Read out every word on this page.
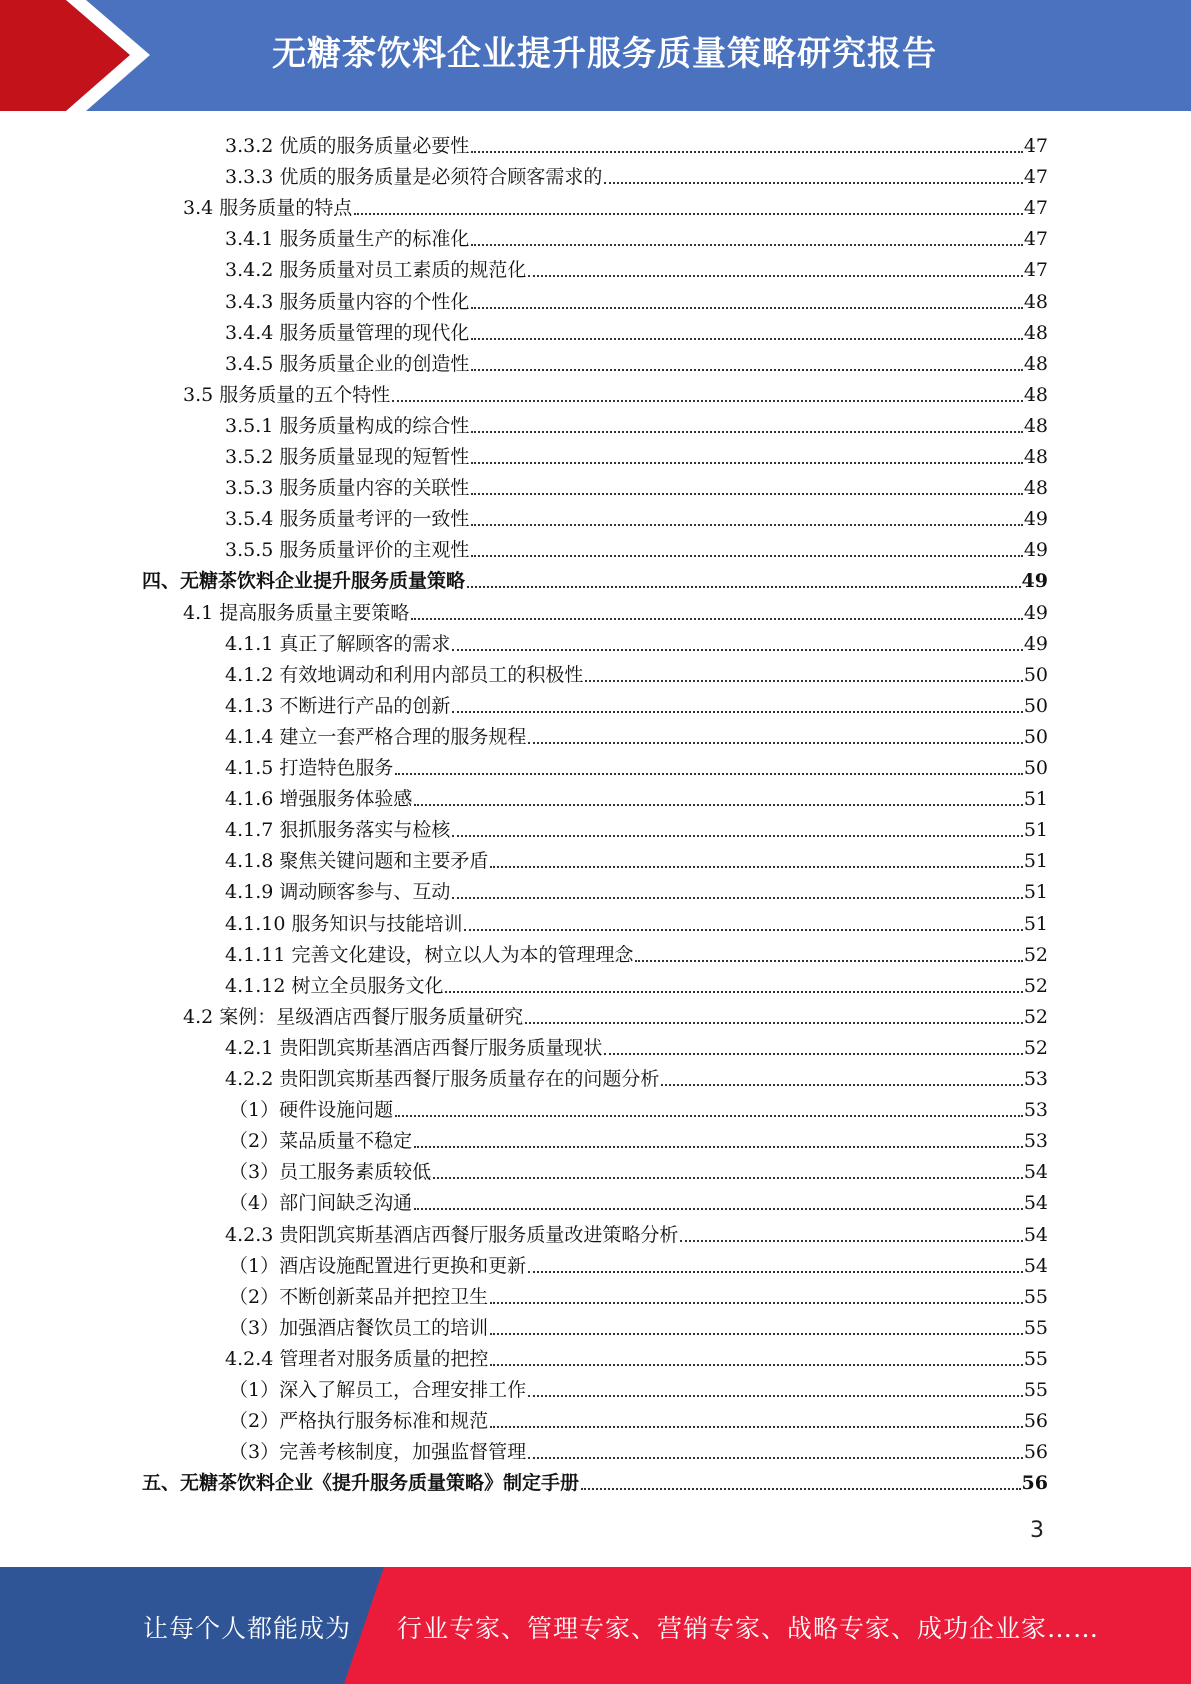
无糖茶饮料企业提升服务质量策略研究报告
3.3.2 优质的服务质量必要性	47
3.3.3 优质的服务质量是必须符合顾客需求的	47
3.4 服务质量的特点	47
3.4.1 服务质量生产的标准化	47
3.4.2 服务质量对员工素质的规范化	47
3.4.3 服务质量内容的个性化	48
3.4.4 服务质量管理的现代化	48
3.4.5 服务质量企业的创造性	48
3.5 服务质量的五个特性	48
3.5.1 服务质量构成的综合性	48
3.5.2 服务质量显现的短暂性	48
3.5.3 服务质量内容的关联性	48
3.5.4 服务质量考评的一致性	49
3.5.5 服务质量评价的主观性	49
四、无糖茶饮料企业提升服务质量策略	49
4.1 提高服务质量主要策略	49
4.1.1 真正了解顾客的需求	49
4.1.2 有效地调动和利用内部员工的积极性	50
4.1.3 不断进行产品的创新	50
4.1.4 建立一套严格合理的服务规程	50
4.1.5 打造特色服务	50
4.1.6 增强服务体验感	51
4.1.7 狠抓服务落实与检核	51
4.1.8 聚焦关键问题和主要矛盾	51
4.1.9 调动顾客参与、互动	51
4.1.10 服务知识与技能培训	51
4.1.11 完善文化建设，树立以人为本的管理理念	52
4.1.12 树立全员服务文化	52
4.2 案例：星级酒店西餐厅服务质量研究	52
4.2.1 贵阳凯宾斯基酒店西餐厅服务质量现状	52
4.2.2 贵阳凯宾斯基西餐厅服务质量存在的问题分析	53
（1）硬件设施问题	53
（2）菜品质量不稳定	53
（3）员工服务素质较低	54
（4）部门间缺乏沟通	54
4.2.3 贵阳凯宾斯基酒店西餐厅服务质量改进策略分析	54
（1）酒店设施配置进行更换和更新	54
（2）不断创新菜品并把控卫生	55
（3）加强酒店餐饮员工的培训	55
4.2.4 管理者对服务质量的把控	55
（1）深入了解员工，合理安排工作	55
（2）严格执行服务标准和规范	56
（3）完善考核制度，加强监督管理	56
五、无糖茶饮料企业《提升服务质量策略》制定手册	56
3
让每个人都能成为 行业专家、管理专家、营销专家、战略专家、成功企业家……
